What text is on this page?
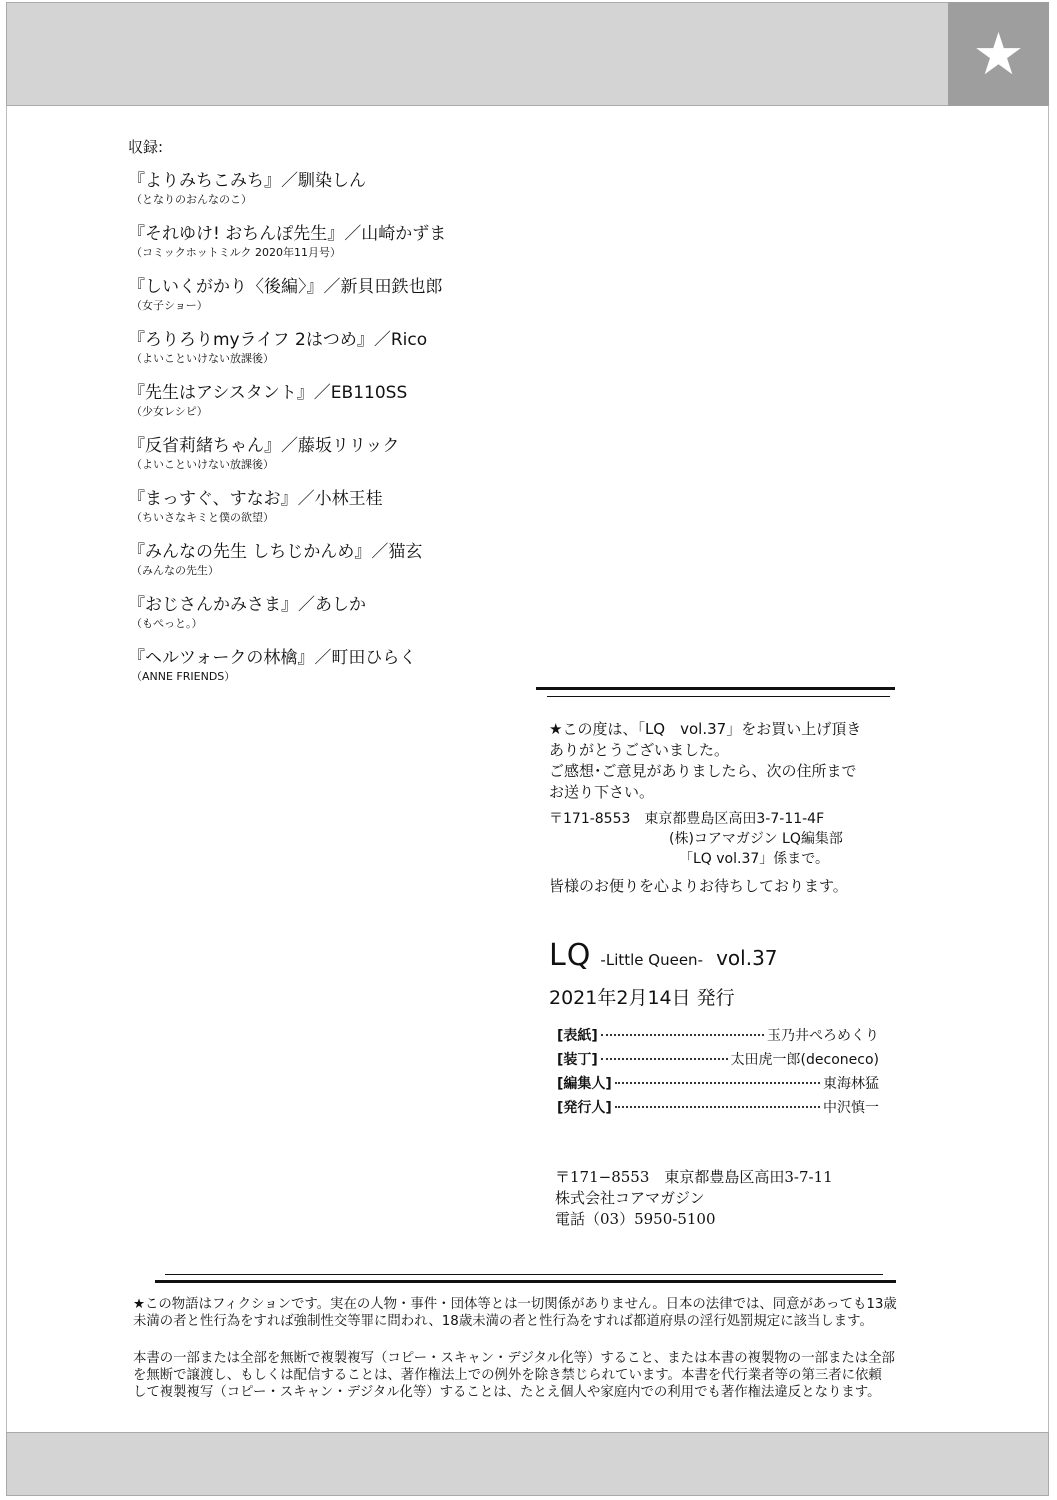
★
収録:
『よりみちこみち』／馴染しん
（となりのおんなのこ）
『それゆけ! おちんぽ先生』／山崎かずま
（コミックホットミルク 2020年11月号）
『しいくがかり〈後編〉』／新貝田鉄也郎
（女子ショー）
『ろりろりmyライフ 2はつめ』／Rico
（よいこといけない放課後）
『先生はアシスタント』／EB110SS
（少女レシピ）
『反省莉緒ちゃん』／藤坂リリック
（よいこといけない放課後）
『まっすぐ、すなお』／小林王桂
（ちいさなキミと僕の欲望）
『みんなの先生 しちじかんめ』／猫玄
（みんなの先生）
『おじさんかみさま』／あしか
（もぺっと。）
『ヘルツォークの林檎』／町田ひらく
（ANNE FRIENDS）

★この度は、「LQ　vol.37」をお買い上げ頂き

ありがとうございました。

ご感想･ご意見がありましたら、次の住所まで

お送り下さい。

〒171-8553　東京都豊島区高田3-7-11-4F
(株)コアマガジン LQ編集部
「LQ vol.37」係まで。
皆様のお便りを心よりお待ちしております。
LQ -Little Queen- vol.37
2021年2月14日 発行
[表紙]	玉乃井ぺろめくり
[装丁]	太田虎一郎(deconeco)
[編集人]	東海林猛
[発行人]	中沢慎一
〒171−8553　東京都豊島区高田3-7-11
株式会社コアマガジン
電話（03）5950-5100
★この物語はフィクションです。実在の人物・事件・団体等とは一切関係がありません。日本の法律では、同意があっても13歳
未満の者と性行為をすれば強制性交等罪に問われ、18歳未満の者と性行為をすれば都道府県の淫行処罰規定に該当します。
本書の一部または全部を無断で複製複写（コピー・スキャン・デジタル化等）すること、または本書の複製物の一部または全部
を無断で譲渡し、もしくは配信することは、著作権法上での例外を除き禁じられています。本書を代行業者等の第三者に依頼
して複製複写（コピー・スキャン・デジタル化等）することは、たとえ個人や家庭内での利用でも著作権法違反となります。
